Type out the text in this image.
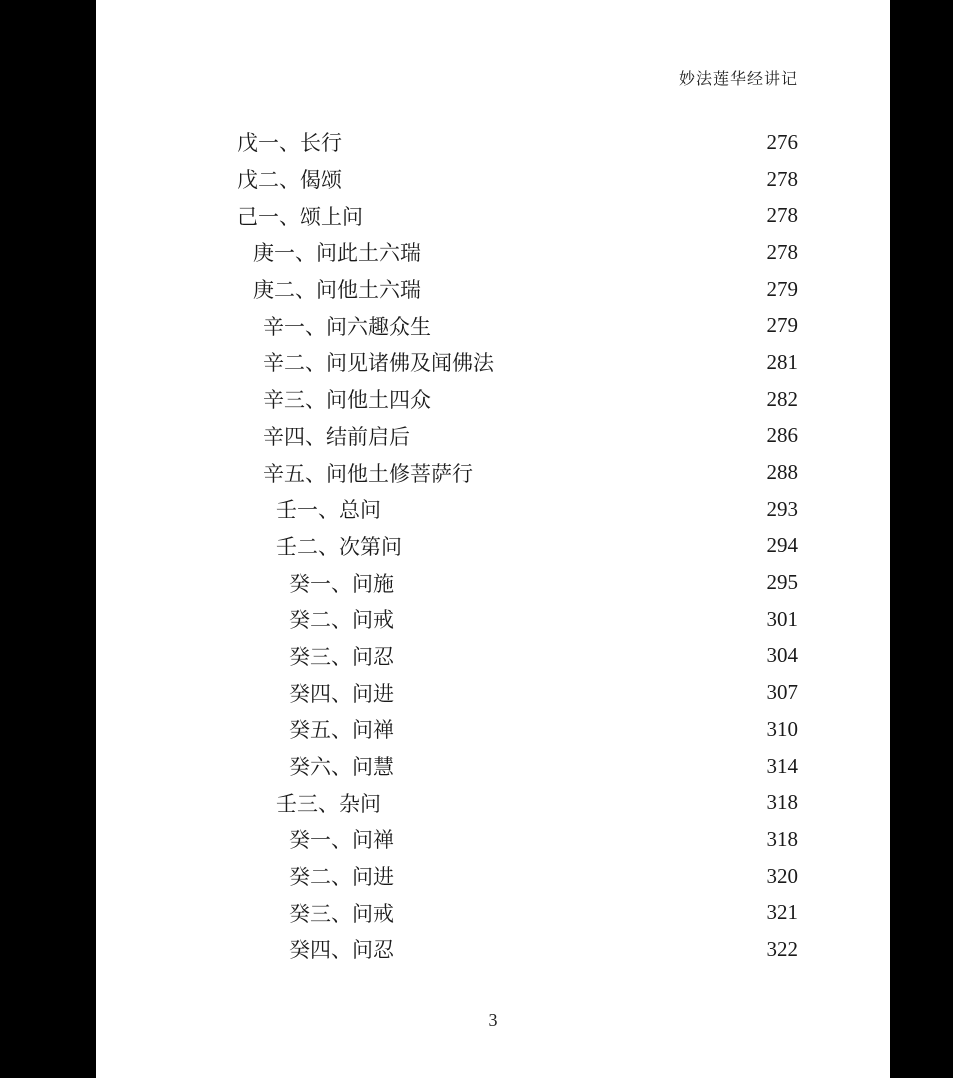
妙法莲华经讲记
戊一、长行	276
戊二、偈颂	278
己一、颂上问	278
庚一、问此土六瑞	278
庚二、问他土六瑞	279
辛一、问六趣众生	279
辛二、问见诸佛及闻佛法	281
辛三、问他土四众	282
辛四、结前启后	286
辛五、问他土修菩萨行	288
壬一、总问	293
壬二、次第问	294
癸一、问施	295
癸二、问戒	301
癸三、问忍	304
癸四、问进	307
癸五、问禅	310
癸六、问慧	314
壬三、杂问	318
癸一、问禅	318
癸二、问进	320
癸三、问戒	321
癸四、问忍	322
3
